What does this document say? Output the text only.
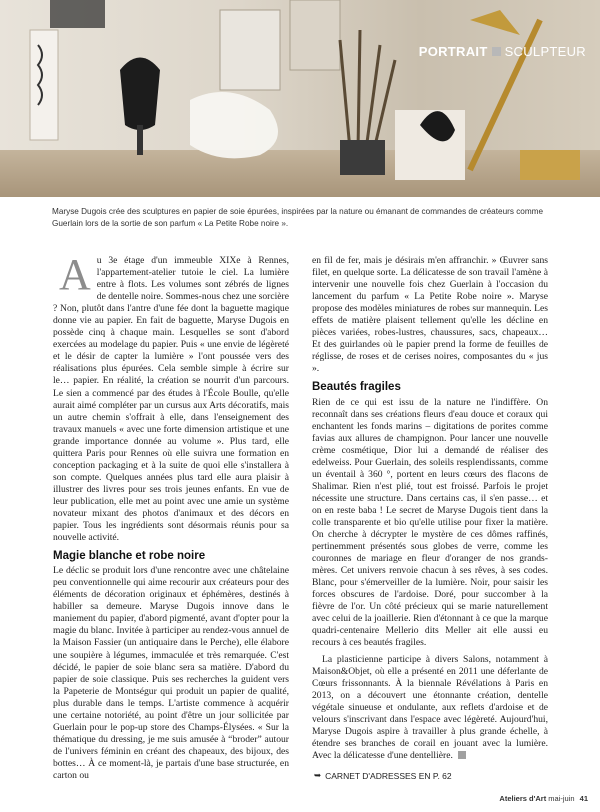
PORTRAIT SCULPTEUR
Maryse Dugois crée des sculptures en papier de soie épurées, inspirées par la nature ou émanant de commandes de créateurs comme Guerlain lors de la sortie de son parfum « La Petite Robe noire ».

A u 3e étage d'un immeuble XIXe à Rennes, l'appartement-atelier tutoie le ciel. La lumière entre à flots. Les volumes sont zébrés de lignes de dentelle noire. Sommes-nous chez une sorcière ? Non, plutôt dans l'antre d'une fée dont la baguette magique donne vie au papier. En fait de baguette, Maryse Dugois en possède cinq à chaque main. Lesquelles se sont d'abord exercées au modelage du papier. Puis « une envie de légèreté et le désir de capter la lumière » l'ont poussée vers des réalisations plus épurées. Cela semble simple à écrire sur le… papier. En réalité, la création se nourrit d'un parcours. Le sien a commencé par des études à l'École Boulle, qu'elle aurait aimé compléter par un cursus aux Arts décoratifs, mais un autre chemin s'offrait à elle, dans l'enseignement des travaux manuels « avec une forte dimension artistique et une grande importance donnée au volume ». Plus tard, elle quittera Paris pour Rennes où elle suivra une formation en conception packaging et à la suite de quoi elle s'installera à son compte. Quelques années plus tard elle aura plaisir à illustrer des livres pour ses trois jeunes enfants. En vue de leur publication, elle met au point avec une amie un système novateur mixant des photos d'animaux et des décors en papier. Tous les ingrédients sont désormais réunis pour sa nouvelle activité.

Magie blanche et robe noire

Le déclic se produit lors d'une rencontre avec une châtelaine peu conventionnelle qui aime recourir aux créateurs pour des éléments de décoration originaux et éphémères, destinés à habiller sa demeure. Maryse Dugois innove dans le maniement du papier, d'abord pigmenté, avant d'opter pour la magie du blanc. Invitée à participer au rendez-vous annuel de la Maison Fassier (un antiquaire dans le Perche), elle élabore une soupière à légumes, immaculée et très remarquée. C'est décidé, le papier de soie blanc sera sa matière. D'abord du papier de soie classique. Puis ses recherches la guident vers la Papeterie de Montségur qui produit un papier de qualité, plus durable dans le temps. L'artiste commence à acquérir une certaine notoriété, au point d'être un jour sollicitée par Guerlain pour le pop-up store des Champs-Élysées. « Sur la thématique du dressing, je me suis amusée à “broder” autour de l'univers féminin en créant des chapeaux, des bijoux, des bottes… À ce moment-là, je partais d'une base structurée, en carton ou

en fil de fer, mais je désirais m'en affranchir. » Œuvrer sans filet, en quelque sorte. La délicatesse de son travail l'amène à intervenir une nouvelle fois chez Guerlain à l'occasion du lancement du parfum « La Petite Robe noire ». Maryse propose des modèles miniatures de robes sur mannequin. Les effets de matière plaisent tellement qu'elle les décline en pièces variées, robes-lustres, chaussures, sacs, chapeaux… Et des guirlandes où le papier prend la forme de feuilles de réglisse, de roses et de cerises noires, composantes du « jus ».

Beautés fragiles

Rien de ce qui est issu de la nature ne l'indiffère. On reconnaît dans ses créations fleurs d'eau douce et coraux qui enchantent les fonds marins – digitations de porites comme favias aux allures de champignon. Pour lancer une nouvelle crème cosmétique, Dior lui a demandé de réaliser des edelweiss. Pour Guerlain, des soleils resplendissants, comme un éventail à 360 °, portent en leurs cœurs des flacons de Shalimar. Rien n'est plié, tout est froissé. Parfois le projet nécessite une structure. Dans certains cas, il s'en passe… et on en reste baba ! Le secret de Maryse Dugois tient dans la colle transparente et bio qu'elle utilise pour fixer la matière. On cherche à décrypter le mystère de ces dômes raffinés, pertinemment présentés sous globes de verre, comme les couronnes de mariage en fleur d'oranger de nos grands-mères. Cet univers renvoie chacun à ses rêves, à ses codes. Blanc, pour s'émerveiller de la lumière. Noir, pour saisir les forces obscures de l'ardoise. Doré, pour succomber à la fièvre de l'or. Un côté précieux qui se marie naturellement avec celui de la joaillerie. Rien d'étonnant à ce que la marque quadri-centenaire Mellerio dits Meller ait elle aussi eu recours à ces beautés fragiles.

La plasticienne participe à divers Salons, notamment à Maison&Objet, où elle a présenté en 2011 une déferlante de Cœurs frissonnants. À la biennale Révélations à Paris en 2013, on a découvert une étonnante création, dentelle végétale sinueuse et ondulante, aux reflets d'ardoise et de velours s'inscrivant dans l'espace avec légèreté. Aujourd'hui, Maryse Dugois aspire à travailler à plus grande échelle, à étendre ses branches de corail en jouant avec la lumière. Avec la délicatesse d'une dentellière.

➥ CARNET D'ADRESSES EN P. 62
Ateliers d'Art mai-juin 41
